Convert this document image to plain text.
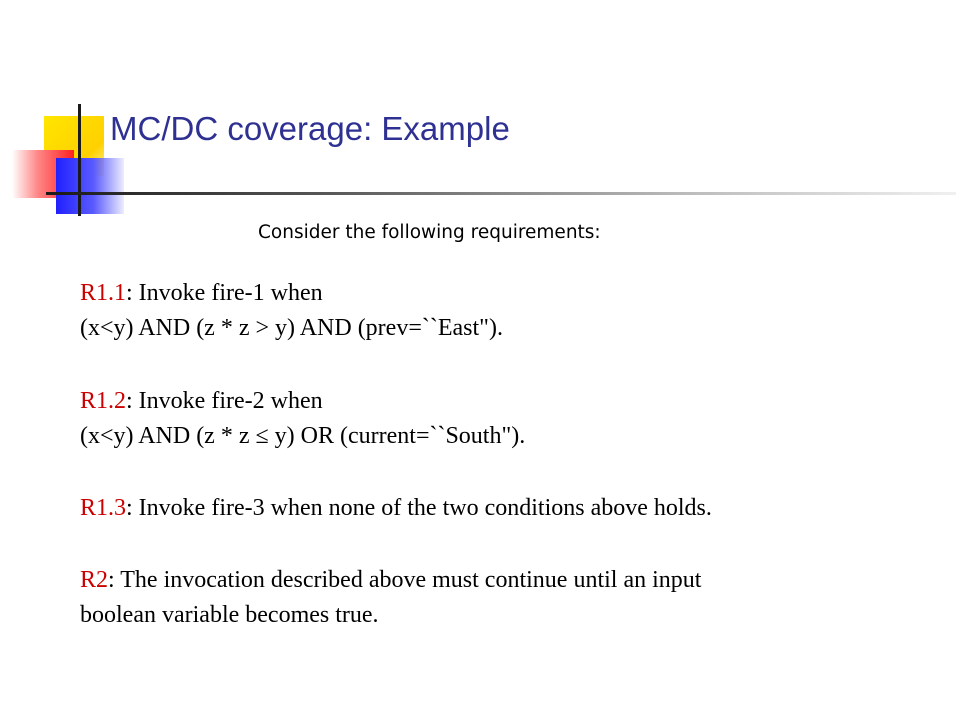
MC/DC coverage: Example
Consider the following requirements:
R1.1: Invoke fire-1 when
(x<y) AND (z * z > y) AND (prev=``East").
R1.2: Invoke fire-2 when
(x<y) AND (z * z ≤ y) OR (current=``South").
R1.3: Invoke fire-3 when none of the two conditions above holds.
R2: The invocation described above must continue until an input
boolean variable becomes true.
